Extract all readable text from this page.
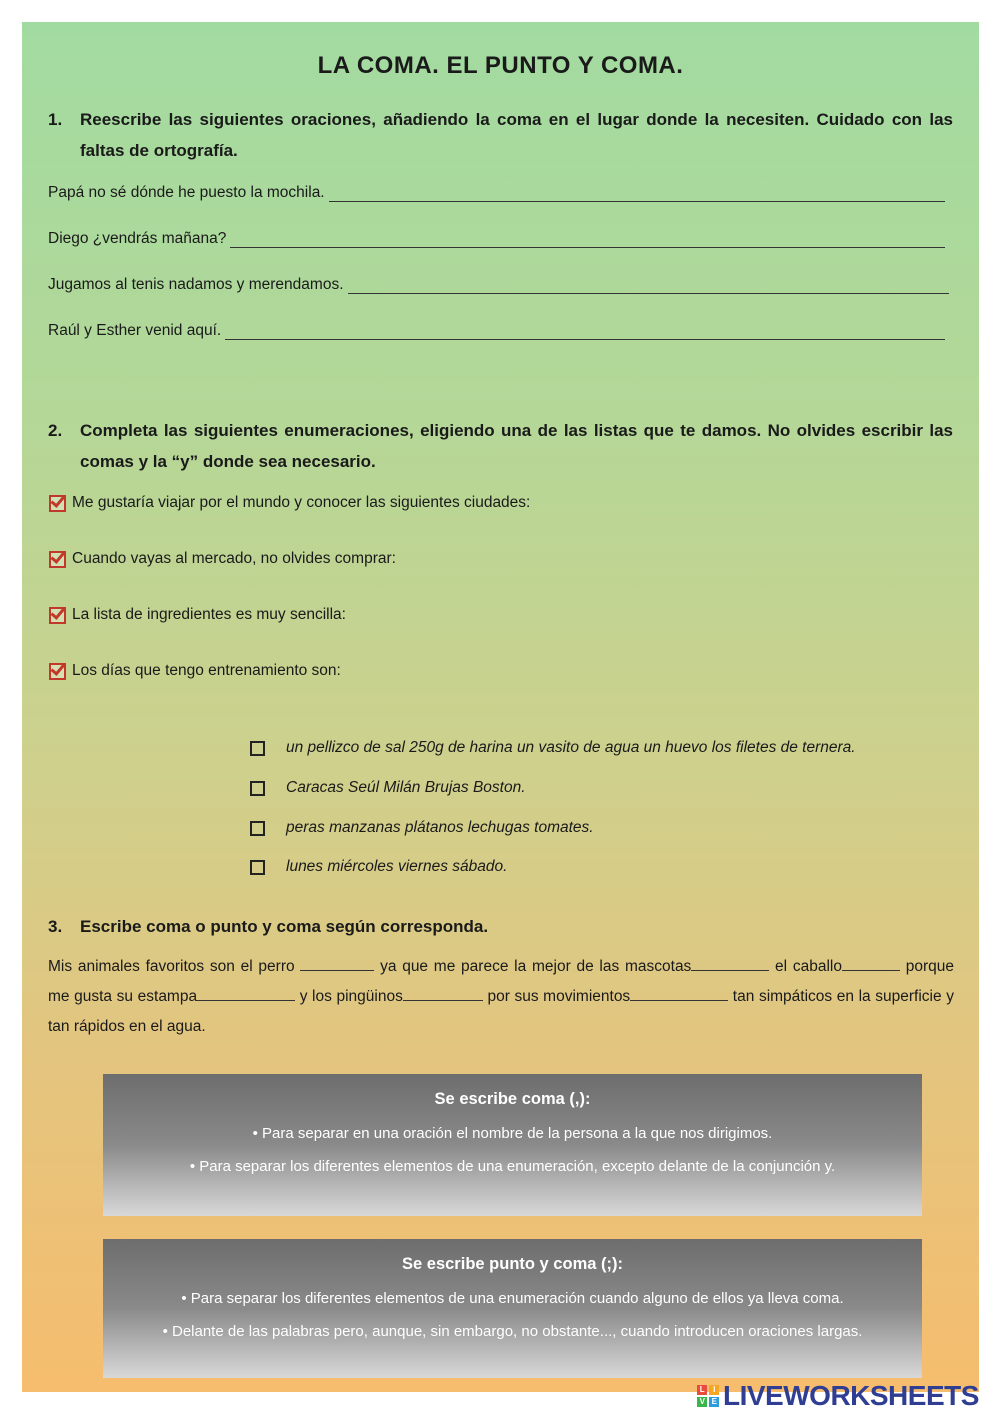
LA COMA. EL PUNTO Y COMA.
1. Reescribe las siguientes oraciones, añadiendo la coma en el lugar donde la necesiten. Cuidado con las faltas de ortografía.
Papá no sé dónde he puesto la mochila.
Diego ¿vendrás mañana?
Jugamos al tenis nadamos y merendamos.
Raúl y Esther venid aquí.
2. Completa las siguientes enumeraciones, eligiendo una de las listas que te damos. No olvides escribir las comas y la “y” donde sea necesario.
Me gustaría viajar por el mundo y conocer las siguientes ciudades:
Cuando vayas al mercado, no olvides comprar:
La lista de ingredientes es muy sencilla:
Los días que tengo entrenamiento son:
un pellizco de sal 250g de harina un vasito de agua un huevo los filetes de ternera.
Caracas Seúl Milán Brujas Boston.
peras manzanas plátanos lechugas tomates.
lunes miércoles viernes sábado.
3. Escribe coma o punto y coma según corresponda.
Mis animales favoritos son el perro	ya que me parece la mejor de las mascotas	el caballo	porque me gusta su estampa	y los pingüinos	por sus movimientos	tan simpáticos en la superficie y tan rápidos en el agua.
Se escribe coma (,):
• Para separar en una oración el nombre de la persona a la que nos dirigimos.
• Para separar los diferentes elementos de una enumeración, excepto delante de la conjunción y.
Se escribe punto y coma (;):
• Para separar los diferentes elementos de una enumeración cuando alguno de ellos ya lleva coma.
• Delante de las palabras pero, aunque, sin embargo, no obstante..., cuando introducen oraciones largas.
L	I
V E LIVEWORKSHEETS
